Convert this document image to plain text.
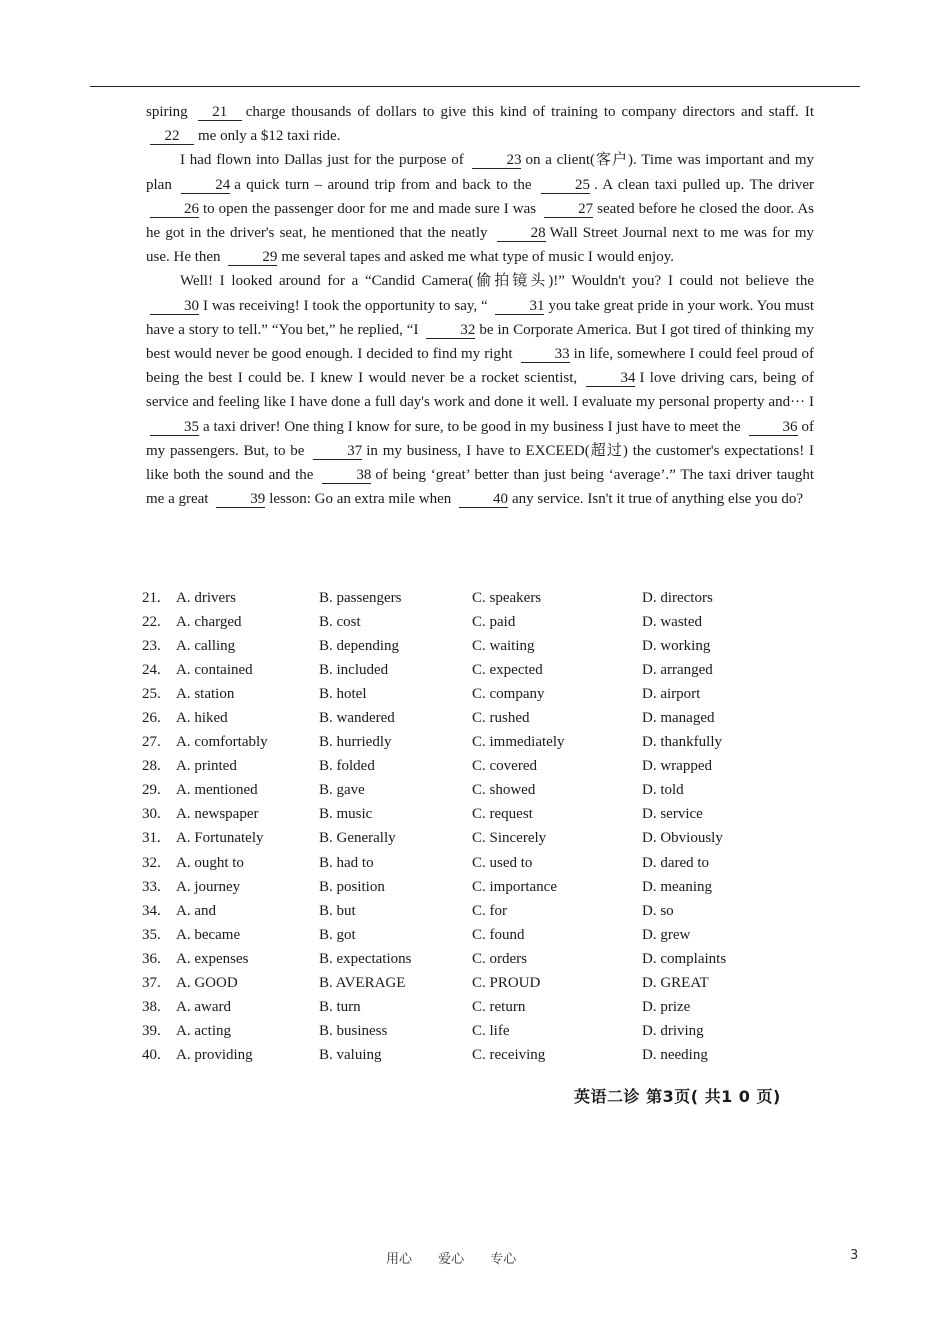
spiring 21 charge thousands of dollars to give this kind of training to company directors and staff. It 22 me only a $12 taxi ride.

I had flown into Dallas just for the purpose of	23 on a client(客户). Time was important and my plan	24 a quick turn – around trip from and back to the	25 . A clean taxi pulled up. The driver 26 to open the passenger door for me and made sure I was	27 seated before he closed the door. As he got in the driver's seat, he mentioned that the neatly	28 Wall Street Journal next to me was for my use. He then	29 me several tapes and asked me what type of music I would enjoy.

Well! I looked around for a “Candid Camera(偷拍镜头)!” Wouldn't you? I could not believe the 30 I was receiving! I took the opportunity to say, “	31 you take great pride in your work. You must have a story to tell.” “You bet,” he replied, “I	32 be in Corporate America. But I got tired of thinking my best would never be good enough. I decided to find my right	33 in life, somewhere I could feel proud of being the best I could be. I knew I would never be a rocket scientist,	34 I love driving cars, being of service and feeling like I have done a full day's work and done it well. I evaluate my personal property and··· I 35 a taxi driver! One thing I know for sure, to be good in my business I just have to meet the	36 of my passengers. But, to be	37 in my business, I have to EXCEED(超过) the customer's expectations! I like both the sound and the	38 of being ‘great’ better than just being ‘average’.” The taxi driver taught me a great	39 lesson: Go an extra mile when	40 any service. Isn't it true of anything else you do?

21.	A. drivers	B. passengers	C. speakers	D. directors
22.	A. charged	B. cost	C. paid	D. wasted
23.	A. calling	B. depending	C. waiting	D. working
24.	A. contained	B. included	C. expected	D. arranged
25.	A. station	B. hotel	C. company	D. airport
26.	A. hiked	B. wandered	C. rushed	D. managed
27.	A. comfortably	B. hurriedly	C. immediately	D. thankfully
28.	A. printed	B. folded	C. covered	D. wrapped
29.	A. mentioned	B. gave	C. showed	D. told
30.	A. newspaper	B. music	C. request	D. service
31.	A. Fortunately	B. Generally	C. Sincerely	D. Obviously
32.	A. ought to	B. had to	C. used to	D. dared to
33.	A. journey	B. position	C. importance	D. meaning
34.	A. and	B. but	C. for	D. so
35.	A. became	B. got	C. found	D. grew
36.	A. expenses	B. expectations	C. orders	D. complaints
37.	A. GOOD	B. AVERAGE	C. PROUD	D. GREAT
38.	A. award	B. turn	C. return	D. prize
39.	A. acting	B. business	C. life	D. driving
40.	A. providing	B. valuing	C. receiving	D. needing
英语二诊 第3页( 共1 0 页)
用心 爱心 专心	3
